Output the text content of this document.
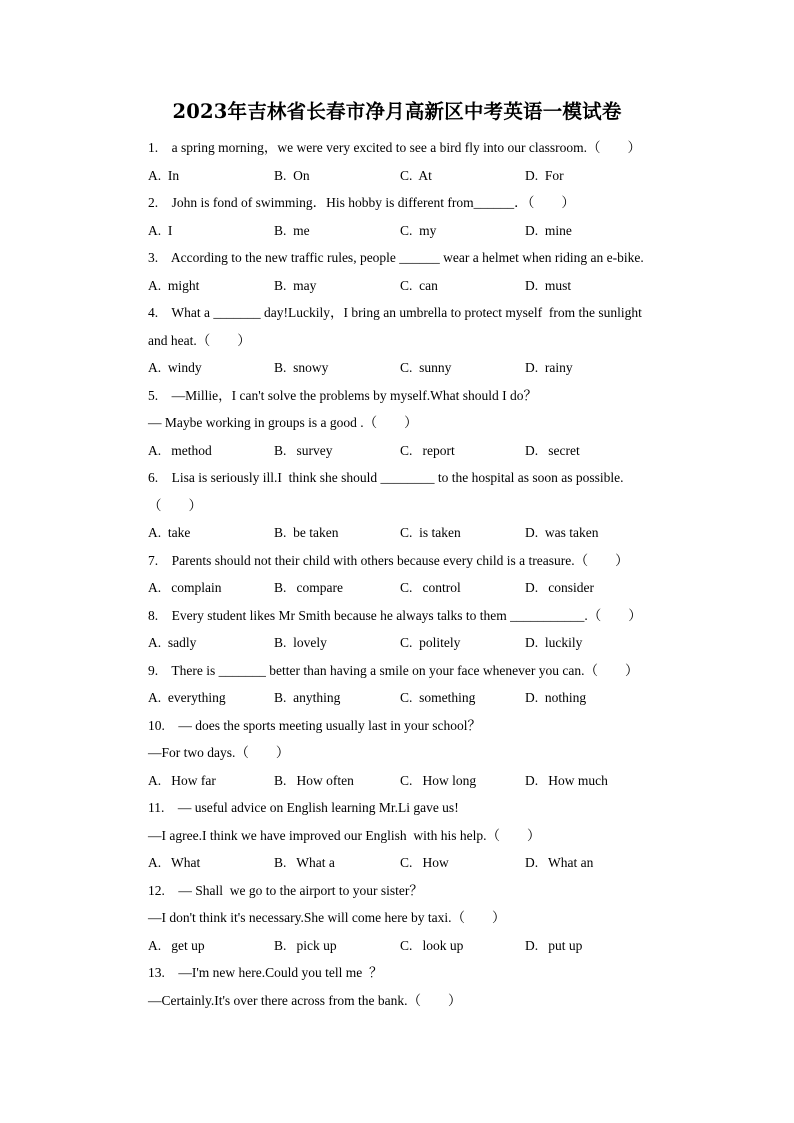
2023年吉林省长春市净月高新区中考英语一模试卷
1.    a spring morning，we were very excited to see a bird fly into our classroom.（        ）
A.  In	B.  On	C.  At	D.  For
2.    John is fond of swimming．His hobby is different from______．（        ）
A.  I	B.  me	C.  my	D.  mine
3.    According to the new traffic rules, people ______ wear a helmet when riding an e-bike.
A.  might	B.  may	C.  can	D.  must
4.    What a _______ day!Luckily，I bring an umbrella to protect myself  from the sunlight
and heat.（        ）
A.  windy	B.  snowy	C.  sunny	D.  rainy
5.    —Millie，I can't solve the problems by myself.What should I do？
— Maybe working in groups is a good .（        ）
A.   method	B.   survey	C.   report	D.   secret
6.    Lisa is seriously ill.I  think she should ________ to the hospital as soon as possible.
（        ）
A.  take	B.  be taken	C.  is taken	D.  was taken
7.    Parents should not their child with others because every child is a treasure.（        ）
A.   complain	B.   compare	C.   control	D.   consider
8.    Every student likes Mr Smith because he always talks to them ___________.（        ）
A.  sadly	B.  lovely	C.  politely	D.  luckily
9.    There is _______ better than having a smile on your face whenever you can.（        ）
A.  everything	B.  anything	C.  something	D.  nothing
10.    — does the sports meeting usually last in your school？
—For two days.（        ）
A.   How far	B.   How often	C.   How long	D.   How much
11.    — useful advice on English learning Mr.Li gave us!
—I agree.I think we have improved our English  with his help.（        ）
A.   What	B.   What a	C.   How	D.   What an
12.    — Shall  we go to the airport to your sister？
—I don't think it's necessary.She will come here by taxi.（        ）
A.   get up	B.   pick up	C.   look up	D.   put up
13.    —I'm new here.Could you tell me  ？
—Certainly.It's over there across from the bank.（        ）
